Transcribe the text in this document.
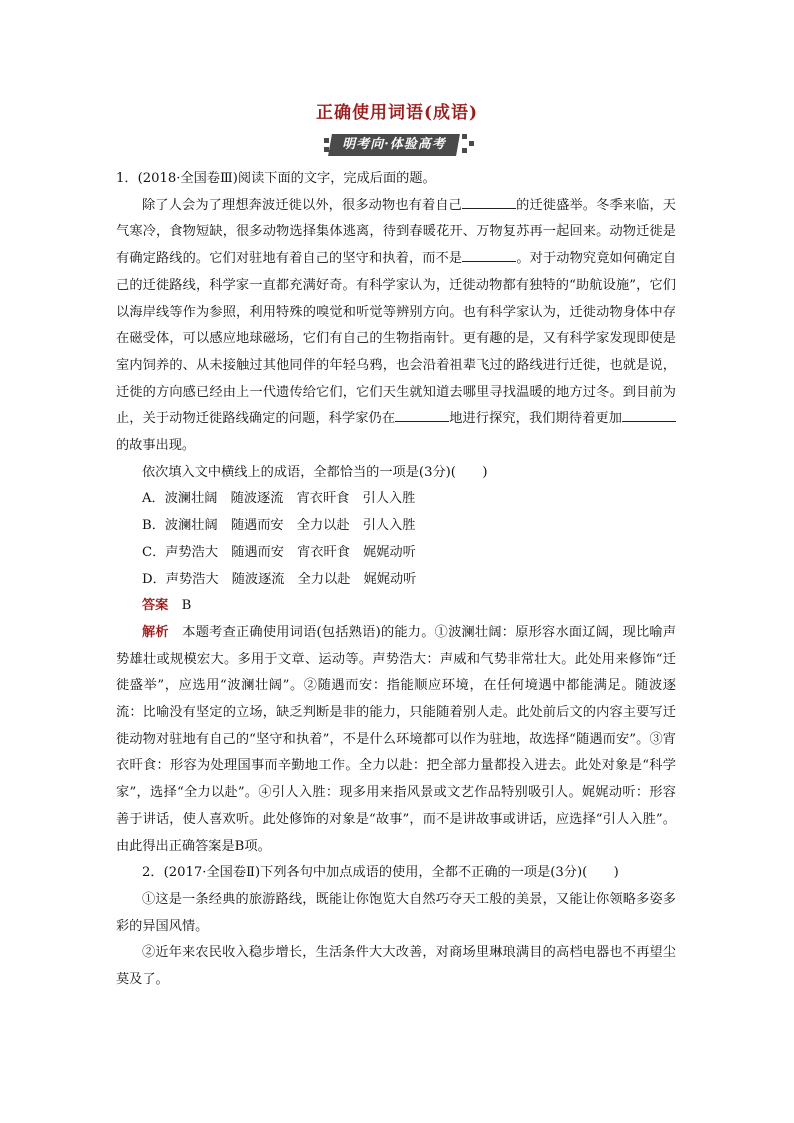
正确使用词语(成语)
明考向·体验高考

1．(2018·全国卷Ⅲ)阅读下面的文字，完成后面的题。

除了人会为了理想奔波迁徙以外，很多动物也有着自己	的迁徙盛举。冬季来临，天气寒冷，食物短缺，很多动物选择集体逃离，待到春暖花开、万物复苏再一起回来。动物迁徙是有确定路线的。它们对驻地有着自己的坚守和执着，而不是	。对于动物究竟如何确定自己的迁徙路线，科学家一直都充满好奇。有科学家认为，迁徙动物都有独特的“助航设施”，它们以海岸线等作为参照，利用特殊的嗅觉和听觉等辨别方向。也有科学家认为，迁徙动物身体中存在磁受体，可以感应地球磁场，它们有自己的生物指南针。更有趣的是，又有科学家发现即使是室内饲养的、从未接触过其他同伴的年轻乌鸦，也会沿着祖辈飞过的路线进行迁徙，也就是说，迁徙的方向感已经由上一代遗传给它们，它们天生就知道去哪里寻找温暖的地方过冬。到目前为止，关于动物迁徙路线确定的问题，科学家仍在	地进行探究，我们期待着更加的故事出现。

依次填入文中横线上的成语，全都恰当的一项是(3分)(　　)

A．波澜壮阔　随波逐流　宵衣旰食　引人入胜

B．波澜壮阔　随遇而安　全力以赴　引人入胜

C．声势浩大　随遇而安　宵衣旰食　娓娓动听

D．声势浩大　随波逐流　全力以赴　娓娓动听

答案　 B

解析　 本题考查正确使用词语(包括熟语)的能力。①波澜壮阔：原形容水面辽阔，现比喻声势雄壮或规模宏大。多用于文章、运动等。声势浩大：声威和气势非常壮大。此处用来修饰“迁徙盛举”，应选用“波澜壮阔”。②随遇而安：指能顺应环境，在任何境遇中都能满足。随波逐流：比喻没有坚定的立场，缺乏判断是非的能力，只能随着别人走。此处前后文的内容主要写迁徙动物对驻地有自己的“坚守和执着”，不是什么环境都可以作为驻地，故选择“随遇而安”。③宵衣旰食：形容为处理国事而辛勤地工作。全力以赴：把全部力量都投入进去。此处对象是“科学家”，选择“全力以赴”。④引人入胜：现多用来指风景或文艺作品特别吸引人。娓娓动听：形容善于讲话，使人喜欢听。此处修饰的对象是“故事”，而不是讲故事或讲话，应选择“引人入胜”。由此得出正确答案是B项。

2．(2017·全国卷Ⅱ)下列各句中加点成语的使用，全都不正确的一项是(3分)(　　)

①这是一条经典的旅游路线，既能让你饱览大自然巧夺天工般的美景，又能让你领略多姿多彩的异国风情。

②近年来农民收入稳步增长，生活条件大大改善，对商场里琳琅满目的高档电器也不再望尘莫及了。
